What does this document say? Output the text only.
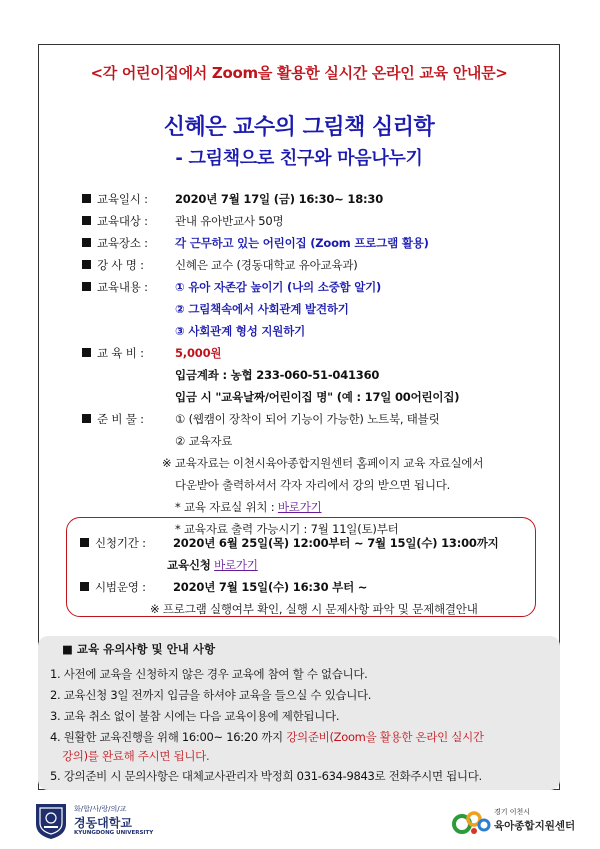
<각 어린이집에서 Zoom을 활용한 실시간 온라인 교육 안내문>
신혜은 교수의 그림책 심리학
- 그림책으로 친구와 마음나누기
교육일시 : 2020년 7월 17일 (금) 16:30~ 18:30
교육대상 : 관내 유아반교사 50명
교육장소 : 각 근무하고 있는 어린이집 (Zoom 프로그램 활용)
강 사 명 :	신혜은 교수 (경동대학교 유아교육과)
교육내용 : ① 유아 자존감 높이기 (나의 소중함 알기)
② 그림책속에서 사회관계 발견하기
③ 사회관계 형성 지원하기
교 육 비 :	5,000원
입금계좌 : 농협 233-060-51-041360
입금 시 "교육날짜/어린이집 명" (예 : 17일 00어린이집)
준 비 물 :	① (웹캠이 장착이 되어 기능이 가능한) 노트북, 태블릿
② 교육자료
※ 교육자료는 이천시육아종합지원센터 홈페이지 교육 자료실에서
다운받아 출력하셔서 각자 자리에서 강의 받으면 됩니다.
* 교육 자료실 위치 : 바로가기
신청기간 : 2020년 6월 25일(목) 12:00부터 ~ 7월 15일(수) 13:00까지
교육신청 바로가기
시범운영 : 2020년 7월 15일(수) 16:30 부터 ~
※ 프로그램 실행여부 확인, 실행 시 문제사항 파악 및 문제해결안내
■ 교육 유의사항 및 안내 사항
1. 사전에 교육을 신청하지 않은 경우 교육에 참여 할 수 없습니다.
2. 교육신청 3일 전까지 입금을 하셔야 교육을 들으실 수 있습니다.
3. 교육 취소 없이 불참 시에는 다음 교육이용에 제한됩니다.
4. 원활한 교육진행을 위해 16:00~ 16:20 까지 강의준비(Zoom을 활용한 온라인 실시간
강의)를 완료해 주시면 됩니다.
5. 강의준비 시 문의사항은 대체교사관리자 박정희 031-634-9843로 전화주시면 됩니다.
화/합/사/랑/의/교
경동대학교
KYUNGDONG UNIVERSITY
경기 이천시
육아종합지원센터
* 교육자료 출력 가능시기 : 7월 11일(토)부터
